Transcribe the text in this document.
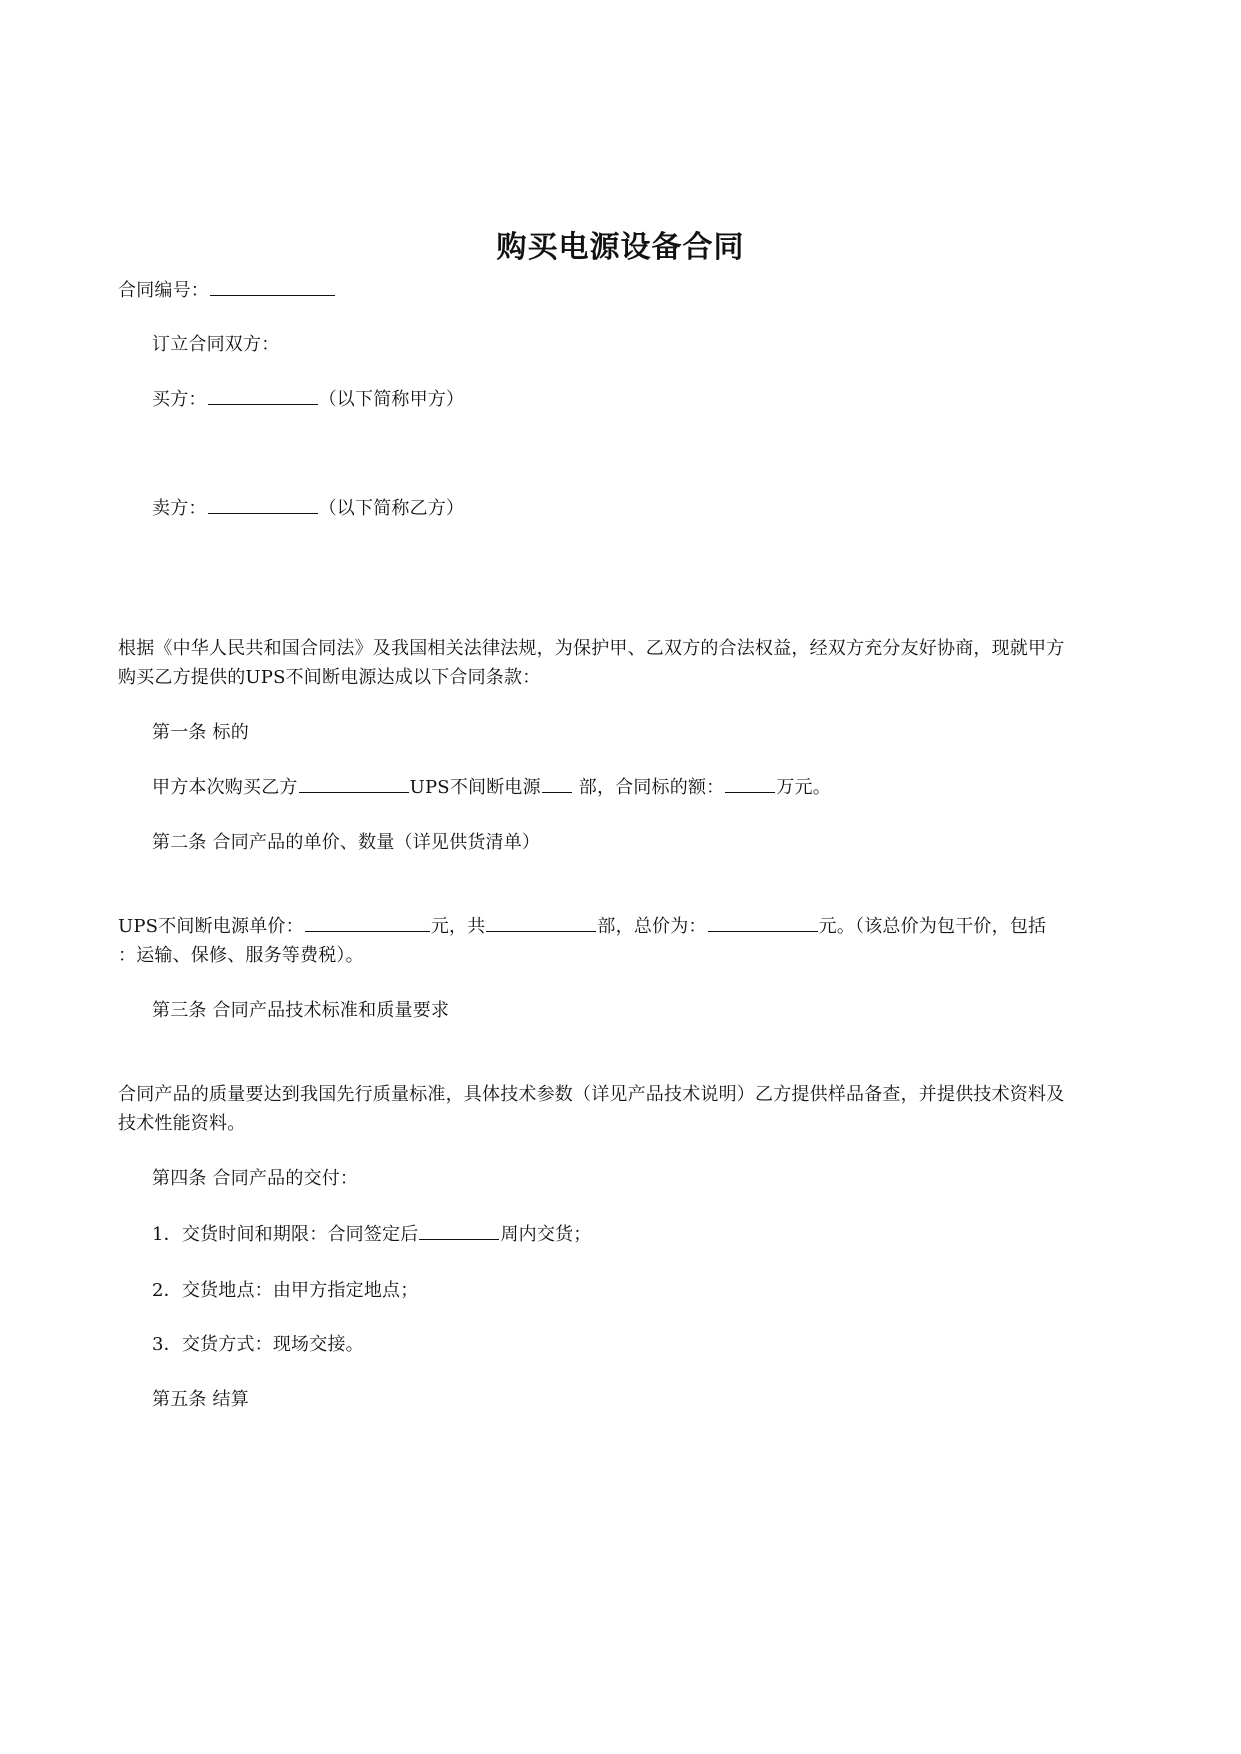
购买电源设备合同
合同编号：
订立合同双方：
买方：	（以下简称甲方）
卖方：	（以下简称乙方）
根据《中华人民共和国合同法》及我国相关法律法规，为保护甲、乙双方的合法权益，经双方充分友好协商，现就甲方
购买乙方提供的UPS不间断电源达成以下合同条款：
第一条 标的
甲方本次购买乙方	UPS不间断电源 部，合同标的额：	万元。
第二条 合同产品的单价、数量（详见供货清单）
UPS不间断电源单价：	元，共	部，总价为：	元。（该总价为包干价，包括
：运输、保修、服务等费税）。
第三条 合同产品技术标准和质量要求
合同产品的质量要达到我国先行质量标准，具体技术参数（详见产品技术说明）乙方提供样品备查，并提供技术资料及
技术性能资料。
第四条 合同产品的交付：
1．交货时间和期限：合同签定后	周内交货；
2．交货地点：由甲方指定地点；
3．交货方式：现场交接。
第五条 结算
